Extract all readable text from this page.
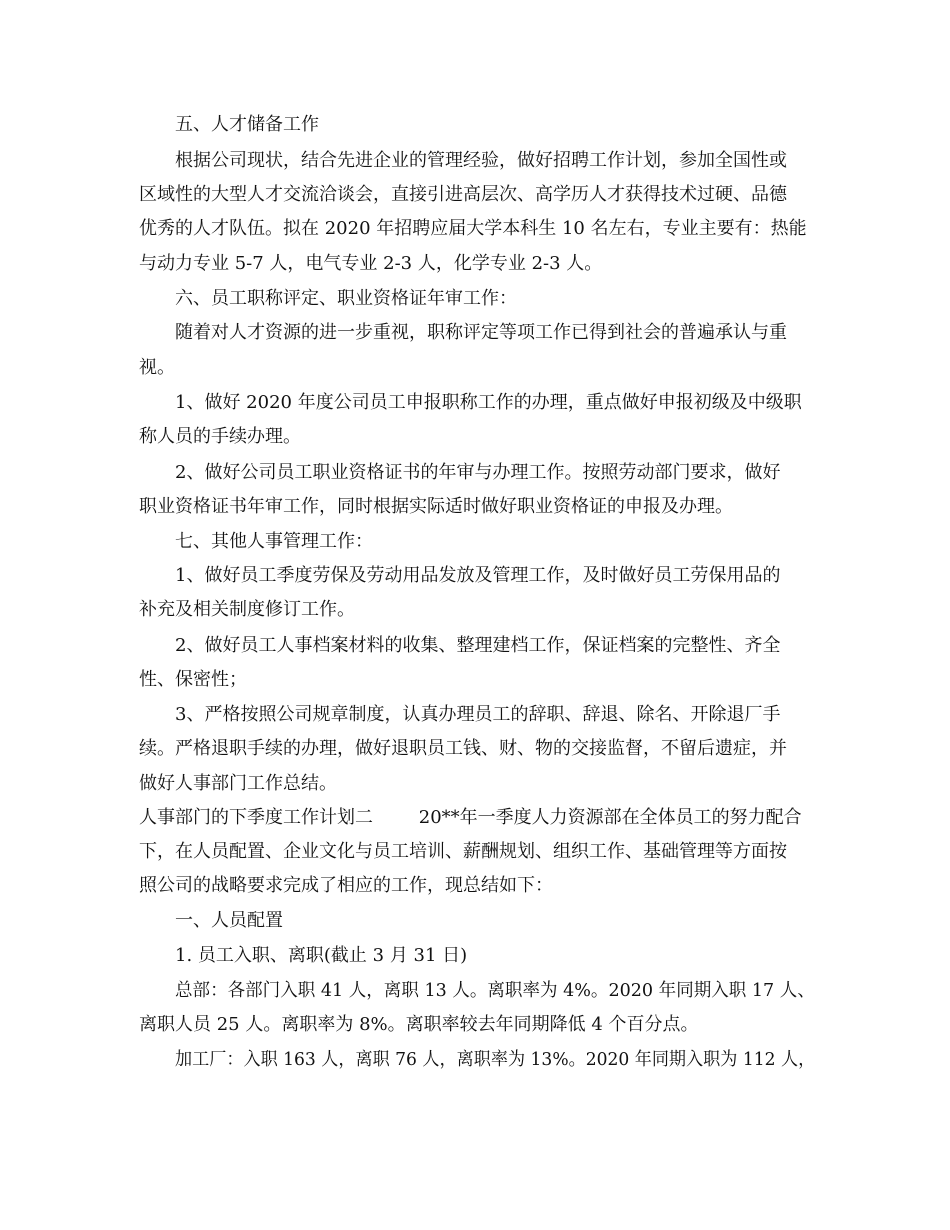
五、人才储备工作
根据公司现状，结合先进企业的管理经验，做好招聘工作计划，参加全国性或
区域性的大型人才交流洽谈会，直接引进高层次、高学历人才获得技术过硬、品德
优秀的人才队伍。拟在 2020 年招聘应届大学本科生 10 名左右，专业主要有：热能
与动力专业 5-7 人，电气专业 2-3 人，化学专业 2-3 人。
六、员工职称评定、职业资格证年审工作：
随着对人才资源的进一步重视，职称评定等项工作已得到社会的普遍承认与重
视。
1、做好 2020 年度公司员工申报职称工作的办理，重点做好申报初级及中级职
称人员的手续办理。
2、做好公司员工职业资格证书的年审与办理工作。按照劳动部门要求，做好
职业资格证书年审工作，同时根据实际适时做好职业资格证的申报及办理。
七、其他人事管理工作：
1、做好员工季度劳保及劳动用品发放及管理工作，及时做好员工劳保用品的
补充及相关制度修订工作。
2、做好员工人事档案材料的收集、整理建档工作，保证档案的完整性、齐全
性、保密性；
3、严格按照公司规章制度，认真办理员工的辞职、辞退、除名、开除退厂手
续。严格退职手续的办理，做好退职员工钱、财、物的交接监督，不留后遗症，并
做好人事部门工作总结。
人事部门的下季度工作计划二        20**年一季度人力资源部在全体员工的努力配合
下，在人员配置、企业文化与员工培训、薪酬规划、组织工作、基础管理等方面按
照公司的战略要求完成了相应的工作，现总结如下：
一、人员配置
1. 员工入职、离职(截止 3 月 31 日)
总部：各部门入职 41 人，离职 13 人。离职率为 4%。2020 年同期入职 17 人、
离职人员 25 人。离职率为 8%。离职率较去年同期降低 4 个百分点。
加工厂：入职 163 人，离职 76 人，离职率为 13%。2020 年同期入职为 112 人，
